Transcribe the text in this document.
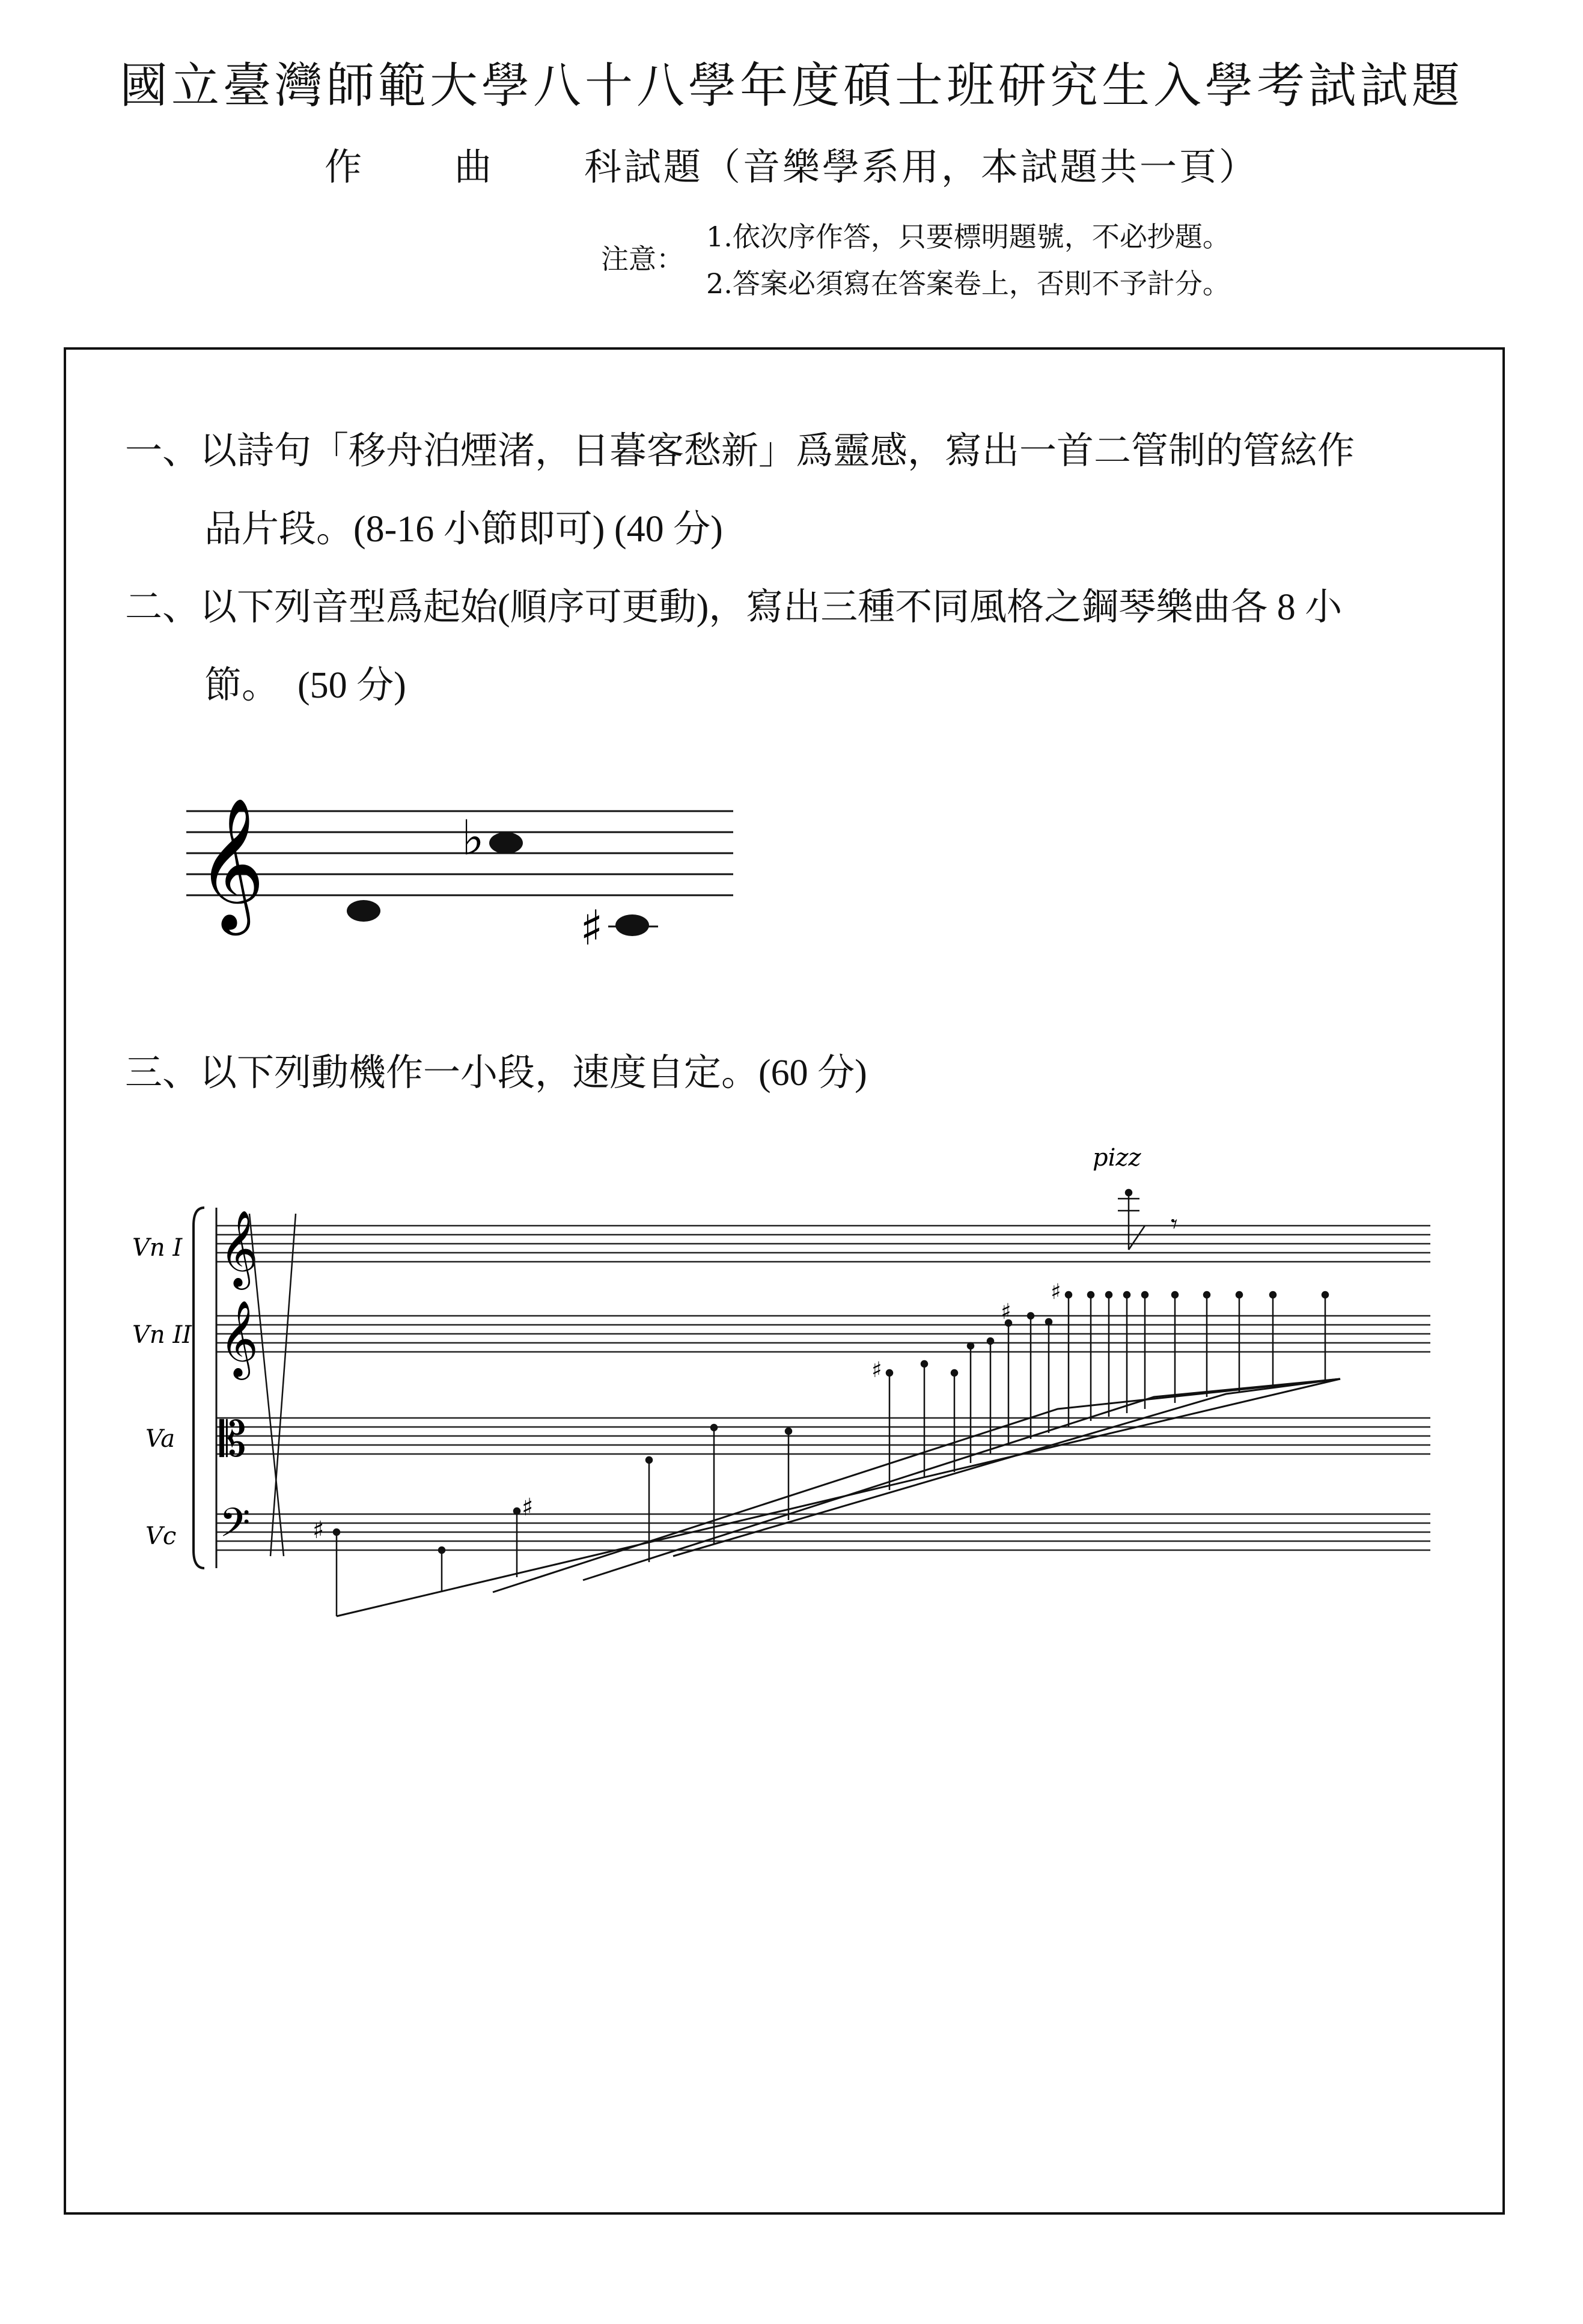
國立臺灣師範大學八十八學年度碩士班研究生入學考試試題
作 曲 科試題（音樂學系用，本試題共一頁）
注意：
1.依次序作答，只要標明題號，不必抄題。
2.答案必須寫在答案卷上，否則不予計分。
一、以詩句「移舟泊煙渚，日暮客愁新」爲靈感，寫出一首二管制的管絃作
品片段。(8-16 小節即可) (40 分)
二、以下列音型爲起始(順序可更動)，寫出三種不同風格之鋼琴樂曲各 8 小
節。　(50 分)
𝄞	♭
♯
三、以下列動機作一小段，速度自定。(60 分)
pizz
Vn I
Vn II
Va
Vc
𝄞
𝄞
𝄡
𝄢	♯
♯
♯
♯
♯
𝄾
